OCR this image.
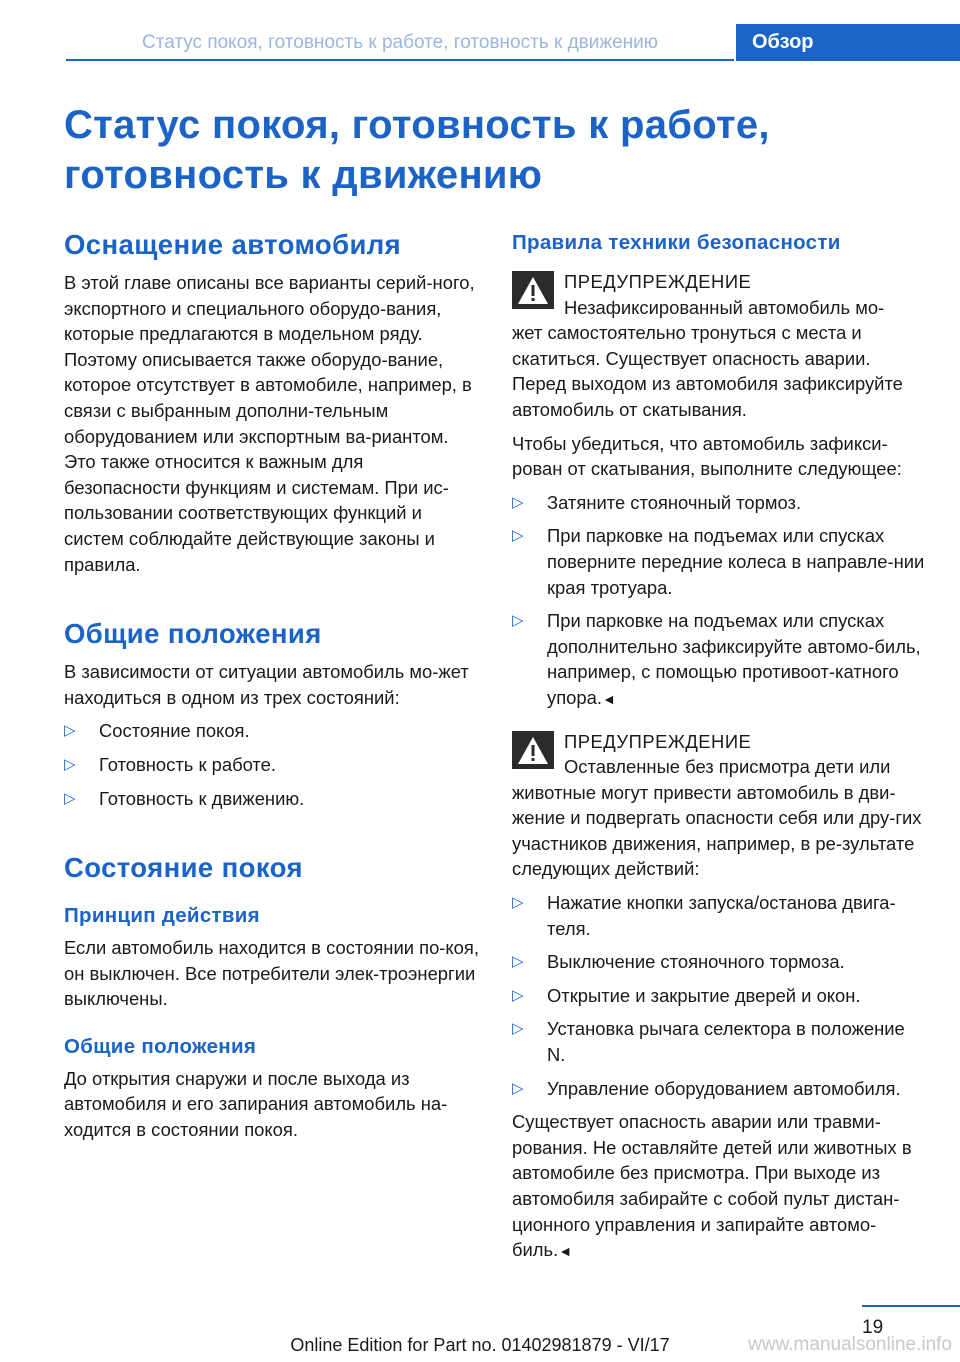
Статус покоя, готовность к работе, готовность к движению	Обзор
Статус покоя, готовность к работе,
готовность к движению
Оснащение автомобиля

В этой главе описаны все варианты серий-ного, экспортного и специального оборудо-вания, которые предлагаются в модельном ряду. Поэтому описывается также оборудо-вание, которое отсутствует в автомобиле, например, в связи с выбранным дополни-тельным оборудованием или экспортным ва-риантом. Это также относится к важным для безопасности функциям и системам. При ис-пользовании соответствующих функций и систем соблюдайте действующие законы и правила.

Общие положения

В зависимости от ситуации автомобиль мо-жет находиться в одном из трех состояний:

▷ Состояние покоя.
▷ Готовность к работе.
▷ Готовность к движению.
Состояние покоя
Принцип действия

Если автомобиль находится в состоянии по-коя, он выключен. Все потребители элек-троэнергии выключены.

Общие положения

До открытия снаружи и после выхода из автомобиля и его запирания автомобиль на-ходится в состоянии покоя.

Правила техники безопасности
ПРЕДУПРЕЖДЕНИЕ
Незафиксированный автомобиль мо-
жет самостоятельно тронуться с места и скатиться. Существует опасность аварии. Перед выходом из автомобиля зафиксируйте автомобиль от скатывания.

Чтобы убедиться, что автомобиль зафикси-рован от скатывания, выполните следующее:

▷ Затяните стояночный тормоз.
▷ При парковке на подъемах или спусках поверните передние колеса в направле-нии края тротуара.
▷ При парковке на подъемах или спусках дополнительно зафиксируйте автомо-биль, например, с помощью противоот-катного упора.◄
ПРЕДУПРЕЖДЕНИЕ
Оставленные без присмотра дети или
животные могут привести автомобиль в дви-жение и подвергать опасности себя или дру-гих участников движения, например, в ре-зультате следующих действий:
▷ Нажатие кнопки запуска/останова двига-теля.
▷ Выключение стояночного тормоза.
▷ Открытие и закрытие дверей и окон.
▷ Установка рычага селектора в положение N.
▷ Управление оборудованием автомобиля.

Существует опасность аварии или травми-рования. Не оставляйте детей или животных в автомобиле без присмотра. При выходе из автомобиля забирайте с собой пульт дистан-ционного управления и запирайте автомо-биль.◄

19
Online Edition for Part no. 01402981879 - VI/17	www.manualsonline.info
